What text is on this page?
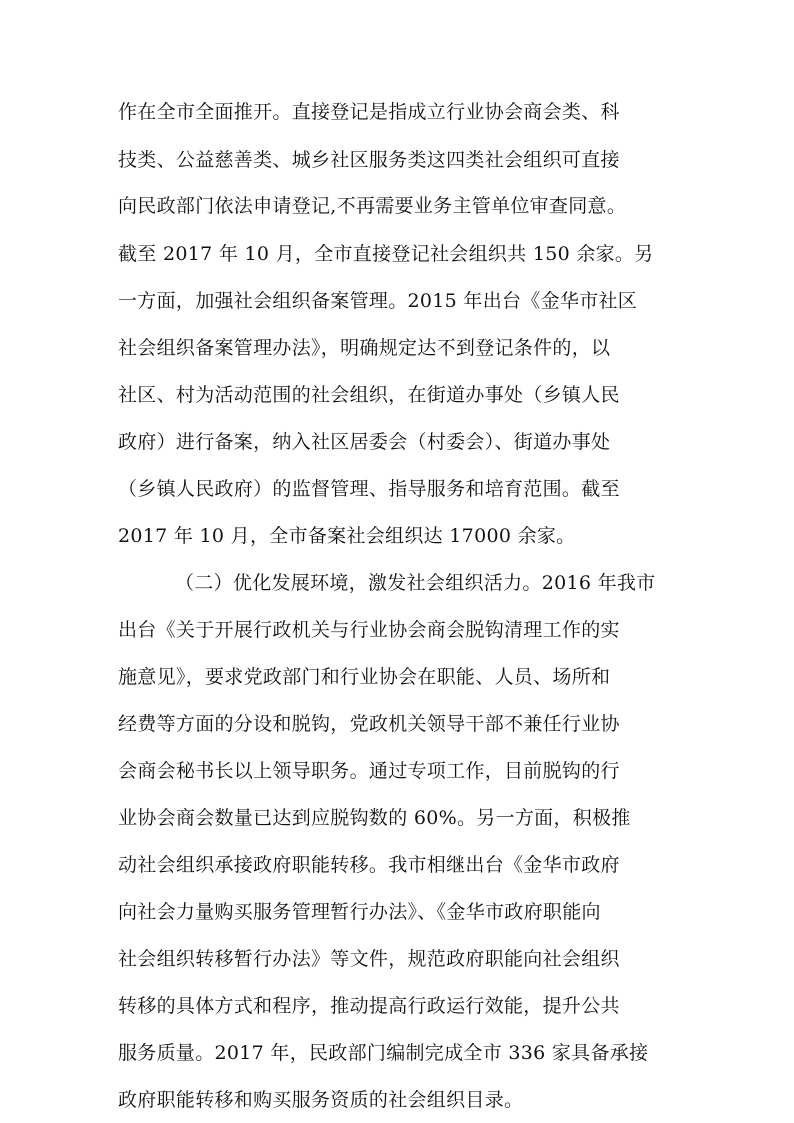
作在全市全面推开。直接登记是指成立行业协会商会类、科
技类、公益慈善类、城乡社区服务类这四类社会组织可直接
向民政部门依法申请登记,不再需要业务主管单位审查同意。
截至 2017 年 10 月，全市直接登记社会组织共 150 余家。另
一方面，加强社会组织备案管理。2015 年出台《金华市社区
社会组织备案管理办法》，明确规定达不到登记条件的，以
社区、村为活动范围的社会组织，在街道办事处（乡镇人民
政府）进行备案，纳入社区居委会（村委会）、街道办事处
（乡镇人民政府）的监督管理、指导服务和培育范围。截至
2017 年 10 月，全市备案社会组织达 17000 余家。
（二）优化发展环境，激发社会组织活力。2016 年我市
出台《关于开展行政机关与行业协会商会脱钩清理工作的实
施意见》，要求党政部门和行业协会在职能、人员、场所和
经费等方面的分设和脱钩，党政机关领导干部不兼任行业协
会商会秘书长以上领导职务。通过专项工作，目前脱钩的行
业协会商会数量已达到应脱钩数的 60%。另一方面，积极推
动社会组织承接政府职能转移。我市相继出台《金华市政府
向社会力量购买服务管理暂行办法》、《金华市政府职能向
社会组织转移暂行办法》等文件，规范政府职能向社会组织
转移的具体方式和程序，推动提高行政运行效能，提升公共
服务质量。2017 年，民政部门编制完成全市 336 家具备承接
政府职能转移和购买服务资质的社会组织目录。
